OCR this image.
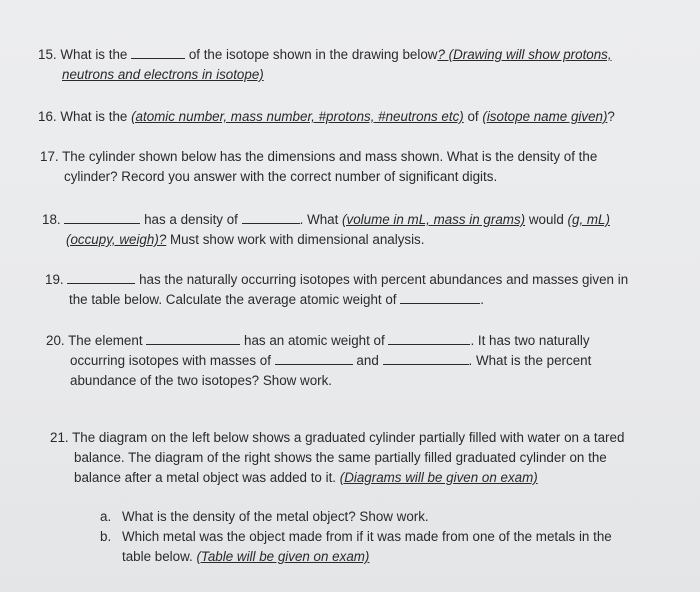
15. What is the	of the isotope shown in the drawing below? (Drawing will show protons,
neutrons and electrons in isotope)
16. What is the (atomic number, mass number, #protons, #neutrons etc) of (isotope name given)?
17. The cylinder shown below has the dimensions and mass shown. What is the density of the
cylinder? Record you answer with the correct number of significant digits.
18.	has a density of	. What (volume in mL, mass in grams) would (g, mL)
(occupy, weigh)? Must show work with dimensional analysis.
19.	has the naturally occurring isotopes with percent abundances and masses given in
the table below. Calculate the average atomic weight of	.
20. The element	has an atomic weight of	. It has two naturally
occurring isotopes with masses of	and	. What is the percent
abundance of the two isotopes? Show work.
21. The diagram on the left below shows a graduated cylinder partially filled with water on a tared
balance. The diagram of the right shows the same partially filled graduated cylinder on the
balance after a metal object was added to it. (Diagrams will be given on exam)
a. What is the density of the metal object? Show work.
b. Which metal was the object made from if it was made from one of the metals in the
table below. (Table will be given on exam)
